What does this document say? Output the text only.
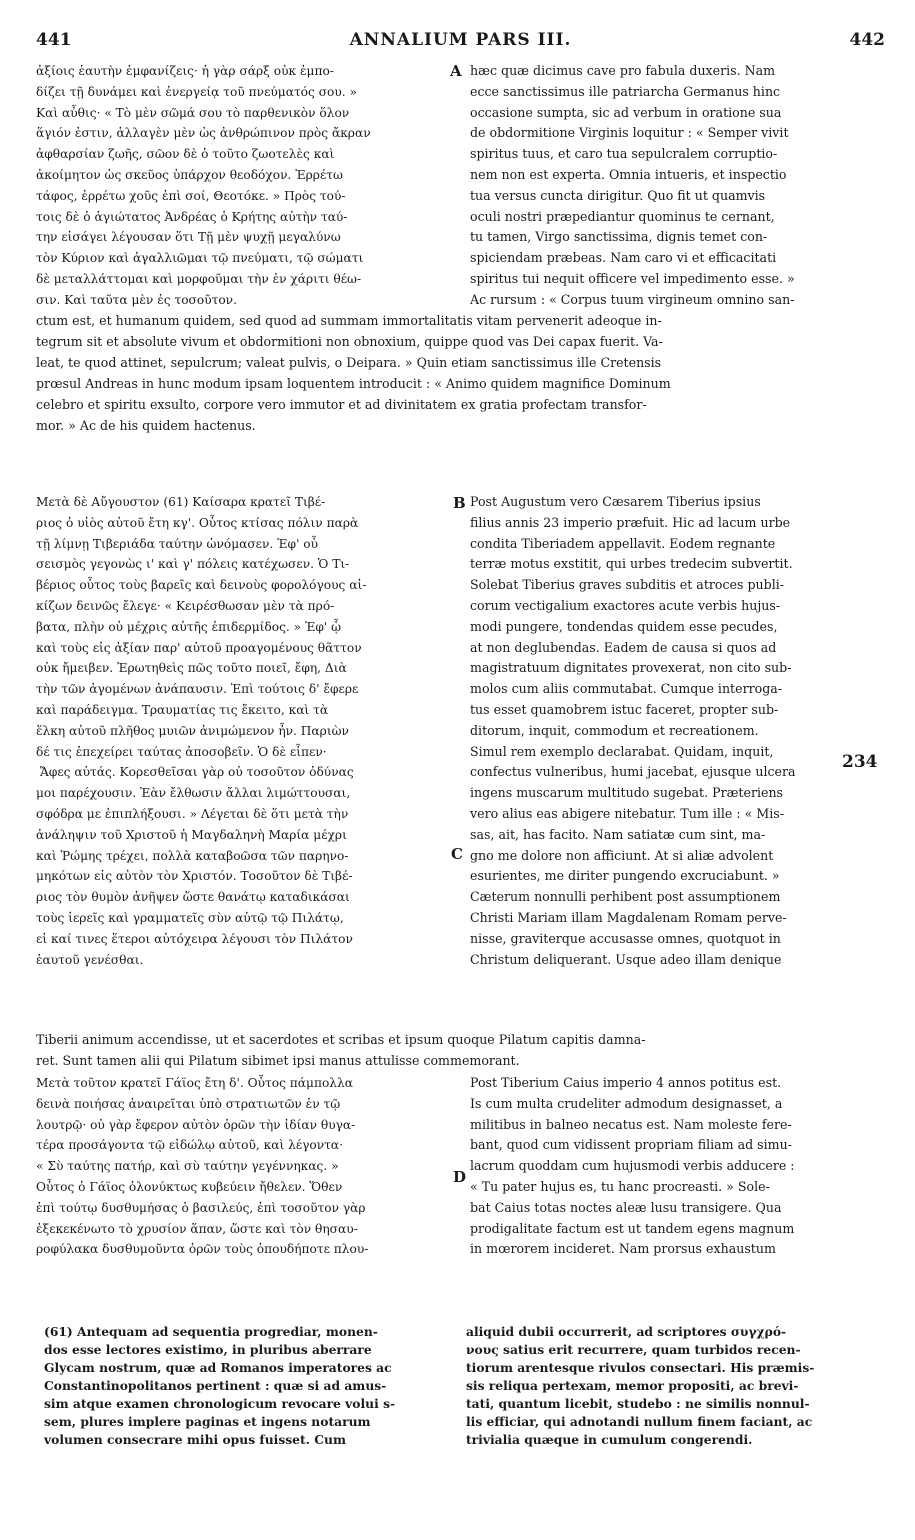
441	ANNALIUM PARS III.	442
ἀξίοις ἑαυτὴν ἐμφανίζεις· ἡ γὰρ σάρξ οὐκ ἐμπο-
δίζει τῇ δυνάμει καὶ ἐνεργείᾳ τοῦ πνεύματός σου. »
Καὶ αὖθις· « Τὸ μὲν σῶμά σου τὸ παρθενικὸν ὅλον
ἅγιόν ἐστιν, ἁλλαγὲν μὲν ὡς ἀνθρώπινον πρὸς ἄκραν
ἀφθαρσίαν ζωῆς, σῶον δὲ ὁ τοῦτο ζωοτελὲς καὶ
ἀκοίμητον ὡς σκεῦος ὑπάρχον θεοδόχον. Ἐρρέτω
τάφος, ἐρρέτω χοῦς ἐπὶ σοί, Θεοτόκε. » Πρὸς τού-
τοις δὲ ὁ ἁγιώτατος Ἀνδρέας ὁ Κρήτης αὐτὴν ταύ-
την εἰσάγει λέγουσαν ὅτι Τῇ μὲν ψυχῇ μεγαλύνω
τὸν Κύριον καὶ ἀγαλλιῶμαι τῷ πνεύματι, τῷ σώματι
δὲ μεταλλάττομαι καὶ μορφοῦμαι τὴν ἐν χάριτι θέω-
σιν. Καὶ ταῦτα μὲν ἐς τοσοῦτον.
A hæc quæ dicimus cave pro fabula duxeris. Nam
ecce sanctissimus ille patriarcha Germanus hinc
occasione sumpta, sic ad verbum in oratione sua
de obdormitione Virginis loquitur : « Semper vivit
spiritus tuus, et caro tua sepulcralem corruptio-
nem non est experta. Omnia intueris, et inspectio
tua versus cuncta dirigitur. Quo fit ut quamvis
oculi nostri præpediantur quominus te cernant,
tu tamen, Virgo sanctissima, dignis temet con-
spiciendam præbeas. Nam caro vi et efficacitati
spiritus tui nequit officere vel impedimento esse. »
Ac rursum : « Corpus tuum virgineum omnino san-
ctum est, et humanum quidem, sed quod ad summam immortalitatis vitam pervenerit adeoque in-
tegrum sit et absolute vivum et obdormitioni non obnoxium, quippe quod vas Dei capax fuerit. Va-
leat, te quod attinet, sepulcrum; valeat pulvis, o Deipara. » Quin etiam sanctissimus ille Cretensis
prœsul Andreas in hunc modum ipsam loquentem introducit : « Animo quidem magnifice Dominum
celebro et spiritu exsulto, corpore vero immutor et ad divinitatem ex gratia profectam transfor-
mor. » Ac de his quidem hactenus.
Μετὰ δὲ Αὔγουστον (61) Καίσαρα κρατεῖ Τιβέ-
ριος ὁ υἱὸς αὐτοῦ ἔτη κγ'. Οὗτος κτίσας πόλιν παρὰ
τῇ λίμνῃ Τιβεριάδα ταύτην ὠνόμασεν. Ἐφ' οὗ
σεισμὸς γεγονὼς ι' καὶ γ' πόλεις κατέχωσεν. Ὁ Τι-
βέριος οὗτος τοὺς βαρεῖς καὶ δεινοὺς φορολόγους αἰ-
κίζων δεινῶς ἔλεγε· « Κειρέσθωσαν μὲν τὰ πρό-
βατα, πλὴν οὐ μέχρις αὐτῆς ἐπιδερμίδος. » Ἐφ' ᾧ
καὶ τοὺς εἰς ἀξίαν παρ' αὐτοῦ προαγομένους θᾶττον
οὐκ ἤμειβεν. Ἐρωτηθεὶς πῶς τοῦτο ποιεῖ, ἔφη, Διὰ
τὴν τῶν ἀγομένων ἀνάπαυσιν. Ἐπὶ τούτοις δ' ἔφερε
καὶ παράδειγμα. Τραυματίας τις ἔκειτο, καὶ τὰ
ἕλκη αὐτοῦ πλῆθος μυιῶν ἀνιμώμενον ἦν. Παριὼν
δέ τις ἐπεχείρει ταύτας ἀποσοβεῖν. Ὁ δὲ εἶπεν·
Ἄφες αὐτάς. Κορεσθεῖσαι γὰρ οὐ τοσοῦτον ὀδύνας
μοι παρέχουσιν. Ἐὰν ἔλθωσιν ἄλλαι λιμώττουσαι,
σφόδρα με ἐπιπλήξουσι. » Λέγεται δὲ ὅτι μετὰ τὴν
ἀνάληψιν τοῦ Χριστοῦ ἡ Μαγδαληνὴ Μαρία μέχρι
καὶ Ῥώμης τρέχει, πολλὰ καταβοῶσα τῶν παρηνο-
μηκότων εἰς αὐτὸν τὸν Χριστόν. Τοσοῦτον δὲ Τιβέ-
ριος τὸν θυμὸν ἀνῆψεν ὥστε θανάτῳ καταδικάσαι
τοὺς ἱερεῖς καὶ γραμματεῖς σὺν αὐτῷ τῷ Πιλάτῳ,
εἰ καί τινες ἕτεροι αὐτόχειρα λέγουσι τὸν Πιλάτον
ἑαυτοῦ γενέσθαι.
B
C
Post Augustum vero Cæsarem Tiberius ipsius
filius annis 23 imperio præfuit. Hic ad lacum urbe
condita Tiberiadem appellavit. Eodem regnante
terræ motus exstitit, qui urbes tredecim subvertit.
Solebat Tiberius graves subditis et atroces publi-
corum vectigalium exactores acute verbis hujus-
modi pungere, tondendas quidem esse pecudes,
at non deglubendas. Eadem de causa si quos ad
magistratuum dignitates provexerat, non cito sub-
molos cum aliis commutabat. Cumque interroga-
tus esset quamobrem istuc faceret, propter sub-
ditorum, inquit, commodum et recreationem.
Simul rem exemplo declarabat. Quidam, inquit,
confectus vulneribus, humi jacebat, ejusque ulcera
ingens muscarum multitudo sugebat. Præteriens
vero alius eas abigere nitebatur. Tum ille : « Mis-
sas, ait, has facito. Nam satiatæ cum sint, ma-
gno me dolore non afficiunt. At si aliæ advolent
esurientes, me diriter pungendo excruciabunt. »
Cæterum nonnulli perhibent post assumptionem
Christi Mariam illam Magdalenam Romam perve-
nisse, graviterque accusasse omnes, quotquot in
Christum deliquerant. Usque adeo illam denique
234
Tiberii animum accendisse, ut et sacerdotes et scribas et ipsum quoque Pilatum capitis damna-
ret. Sunt tamen alii qui Pilatum sibimet ipsi manus attulisse commemorant.
Μετὰ τοῦτον κρατεῖ Γάϊος ἔτη δ'. Οὗτος πάμπολλα
δεινὰ ποιήσας ἀναιρεῖται ὑπὸ στρατιωτῶν ἐν τῷ
λουτρῷ· οὐ γὰρ ἔφερον αὐτὸν ὁρῶν τὴν ἰδίαν θυγα-
τέρα προσάγοντα τῷ εἰδώλῳ αὐτοῦ, καὶ λέγοντα·
« Σὺ ταύτης πατήρ, καὶ σὺ ταύτην γεγέννηκας. »
Οὗτος ὁ Γάϊος ὁλονύκτως κυβεύειν ἤθελεν. Ὅθεν
ἐπὶ τούτῳ δυσθυμήσας ὁ βασιλεύς, ἐπὶ τοσοῦτον γὰρ
ἐξεκεκένωτο τὸ χρυσίον ἅπαν, ὥστε καὶ τὸν θησαυ-
ροφύλακα δυσθυμοῦντα ὁρῶν τοὺς ὁπουδήποτε πλου-
D
Post Tiberium Caius imperio 4 annos potitus est.
Is cum multa crudeliter admodum designasset, a
militibus in balneo necatus est. Nam moleste fere-
bant, quod cum vidissent propriam filiam ad simu-
lacrum quoddam cum hujusmodi verbis adducere :
« Tu pater hujus es, tu hanc procreasti. » Sole-
bat Caius totas noctes aleæ lusu transigere. Qua
prodigalitate factum est ut tandem egens magnum
in mœrorem incideret. Nam prorsus exhaustum
(61) Antequam ad sequentia progrediar, monen-
dos esse lectores existimo, in pluribus aberrare
Glycam nostrum, quæ ad Romanos imperatores ac
Constantinopolitanos pertinent : quæ si ad amus-
sim atque examen chronologicum revocare volui s-
sem, plures implere paginas et ingens notarum
volumen consecrare mihi opus fuisset. Cum
aliquid dubii occurrerit, ad scriptores συγχρό-
νους satius erit recurrere, quam turbidos recen-
tiorum arentesque rivulos consectari. His præmis-
sis reliqua pertexam, memor propositi, ac brevi-
tati, quantum licebit, studebo : ne similis nonnul-
lis efficiar, qui adnotandi nullum finem faciant, ac
trivialia quæque in cumulum congerendi.
